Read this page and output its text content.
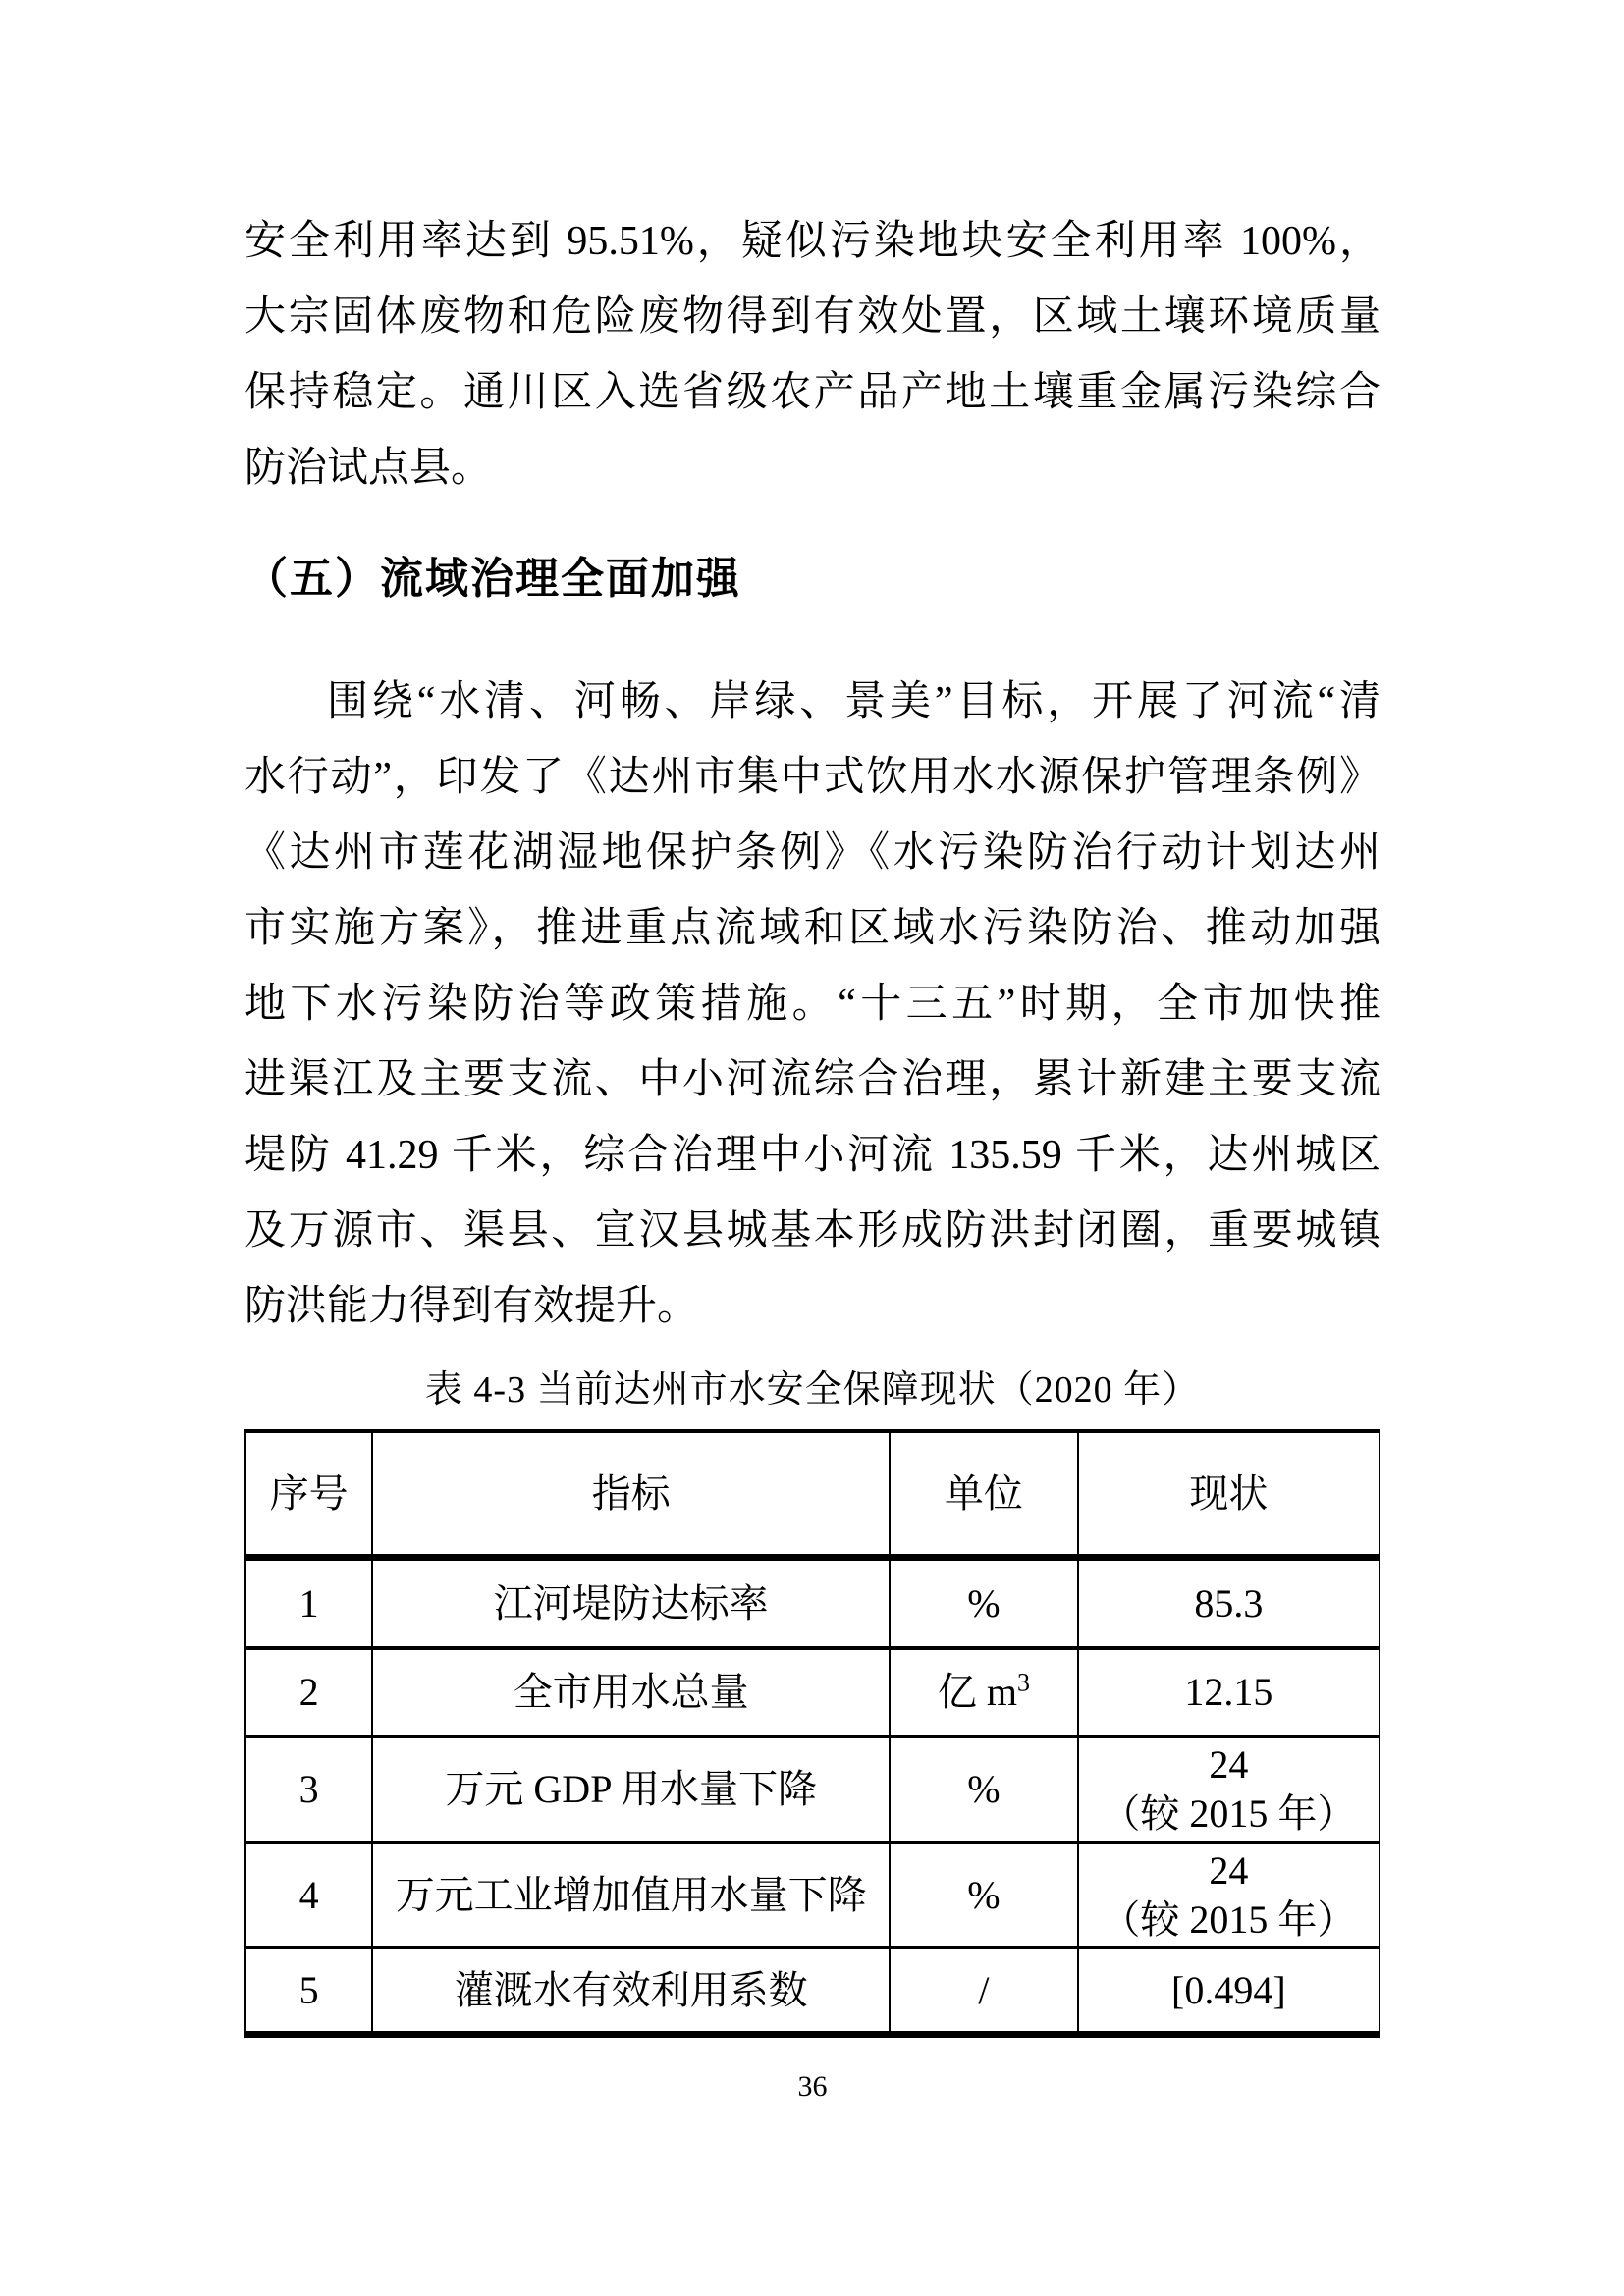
安全利用率达到 95.51%，疑似污染地块安全利用率 100%，
大宗固体废物和危险废物得到有效处置，区域土壤环境质量
保持稳定。通川区入选省级农产品产地土壤重金属污染综合
防治试点县。
（五）流域治理全面加强
围绕“水清、河畅、岸绿、景美”目标，开展了河流“清
水行动”，印发了《达州市集中式饮用水水源保护管理条例》
《达州市莲花湖湿地保护条例》《水污染防治行动计划达州
市实施方案》，推进重点流域和区域水污染防治、推动加强
地下水污染防治等政策措施。“十三五”时期，全市加快推
进渠江及主要支流、中小河流综合治理，累计新建主要支流
堤防 41.29 千米，综合治理中小河流 135.59 千米，达州城区
及万源市、渠县、宣汉县城基本形成防洪封闭圈，重要城镇
防洪能力得到有效提升。
表 4-3 当前达州市水安全保障现状（2020 年）
序号	指标	单位	现状
1	江河堤防达标率	%	85.3
2	全市用水总量	亿 $m^3$	12.15
3	万元 GDP 用水量下降	%	24
（较 2015 年）

4	万元工业增加值用水量下降	%	24
（较 2015 年）

5	灌溉水有效利用系数	/	[0.494]
36
